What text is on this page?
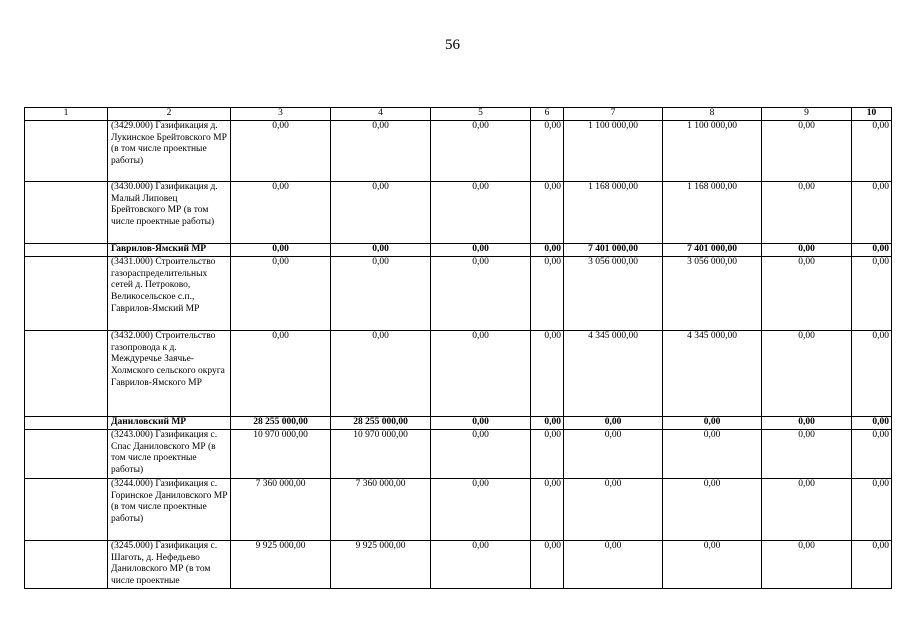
56
1	2	3	4	5	6	7	8	9	10
	(3429.000) Газификация д. Лукинское Брейтовского МР (в том числе проектные работы)	0,00	0,00	0,00	0,00	1 100 000,00	1 100 000,00	0,00	0,00
	(3430.000) Газификация д. Малый Липовец Брейтовского МР (в том числе проектные работы)	0,00	0,00	0,00	0,00	1 168 000,00	1 168 000,00	0,00	0,00
	Гаврилов-Ямский МР	0,00	0,00	0,00	0,00	7 401 000,00	7 401 000,00	0,00	0,00
	(3431.000) Строительство газораспределительных сетей д. Петроково, Великосельское с.п., Гаврилов-Ямский МР	0,00	0,00	0,00	0,00	3 056 000,00	3 056 000,00	0,00	0,00
	(3432.000) Строительство газопровода к д. Междуречье Заячье-Холмского сельского округа Гаврилов-Ямского МР	0,00	0,00	0,00	0,00	4 345 000,00	4 345 000,00	0,00	0,00
	Даниловский МР	28 255 000,00	28 255 000,00	0,00	0,00	0,00	0,00	0,00	0,00
	(3243.000) Газификация с. Спас Даниловского МР (в том числе проектные работы)	10 970 000,00	10 970 000,00	0,00	0,00	0,00	0,00	0,00	0,00
	(3244.000) Газификация с. Горинское Даниловского МР (в том числе проектные работы)	7 360 000,00	7 360 000,00	0,00	0,00	0,00	0,00	0,00	0,00
	(3245.000) Газификация с. Шаготь, д. Нефедьево Даниловского МР (в том числе проектные	9 925 000,00	9 925 000,00	0,00	0,00	0,00	0,00	0,00	0,00
